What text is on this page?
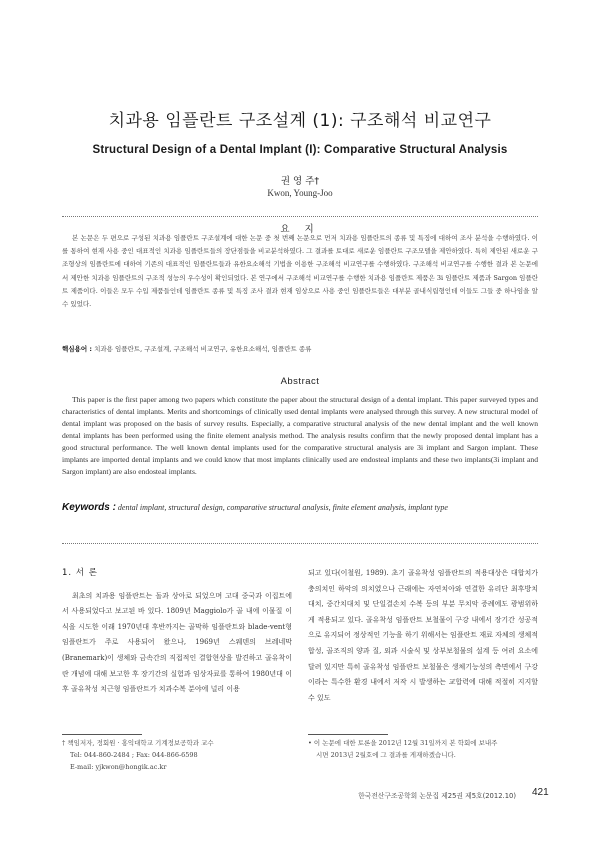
치과용 임플란트 구조설계 (1): 구조해석 비교연구
Structural Design of a Dental Implant (I): Comparative Structural Analysis
권 영 주†
Kwon, Young-Joo
요 지

본 논문은 두 편으로 구성된 치과용 임플란트 구조설계에 대한 논문 중 첫 번째 논문으로 먼저 치과용 임플란트의 종류 및 특징에 대하여 조사 분석을 수행하였다. 이를 통하여 현재 사용 중인 대표적인 치과용 임플란트들의 장단점들을 비교분석하였다. 그 결과를 토대로 새로운 임플란트 구조모델을 제안하였다. 특히 제안된 새로운 구조형상의 임플란트에 대하여 기존의 대표적인 임플란트들과 유한요소해석 기법을 이용한 구조해석 비교연구를 수행하였다. 구조해석 비교연구를 수행한 결과 본 논문에서 제안한 치과용 임플란트의 구조적 성능의 우수성이 확인되었다. 본 연구에서 구조해석 비교연구를 수행한 치과용 임플란트 제품은 3i 임플란트 제품과 Sargon 임플란트 제품이다. 이들은 모두 수입 제품들인데 임플란트 종류 및 특징 조사 결과 현재 임상으로 사용 중인 임플란트들은 대부분 골내식립형인데 이들도 그들 중 하나임을 알 수 있었다.

핵심용어 : 치과용 임플란트, 구조설계, 구조해석 비교연구, 유한요소해석, 임플란트 종류
Abstract

This paper is the first paper among two papers which constitute the paper about the structural design of a dental implant. This paper surveyed types and characteristics of dental implants. Merits and shortcomings of clinically used dental implants were analysed through this survey. A new structural model of dental implant was proposed on the basis of survey results. Especially, a comparative structural analysis of the new dental implant and the well known dental implants has been performed using the finite element analysis method. The analysis results confirm that the newly proposed dental implant has a good structural performance. The well known dental implants used for the comparative structural analysis are 3i implant and Sargon implant. These implants are imported dental implants and we could know that most implants clinically used are endosteal implants and these two implants(3i implant and Sargon implant) are also endosteal implants.

Keywords : dental implant, structural design, comparative structural analysis, finite element analysis, implant type

1. 서 론

최초의 치과용 임플란트는 돌과 상아로 되었으며 고대 중국과 이집트에서 사용되었다고 보고된 바 있다. 1809년 Maggiolo가 골 내에 이물질 이식을 시도한 이래 1970년대 후반까지는 골막하 임플란트와 blade-vent형 임플란트가 주로 사용되어 왔으나, 1969년 스웨덴의 브레네막(Branemark)이 생체와 금속간의 직접적인 결합현상을 발견하고 골유착이란 개념에 대해 보고한 후 장기간의 실험과 임상자료를 통하여 1980년대 이후 골유착성 치근형 임플란트가 치과수복 분야에 널리 이용

되고 있다(이철원, 1989). 초기 골유착성 임플란트의 적용대상은 대합치가 충의치인 하악의 의치였으나 근래에는 자연치아와 연결한 유리단 최후방치대치, 중간치대치 및 단일결손치 수복 등의 부분 무치악 증례에도 광범위하게 적용되고 있다. 골유착성 임플란트 보철물이 구강 내에서 장기간 성공적으로 유지되어 정상적인 기능을 하기 위해서는 임플란트 재료 자체의 생체적합성, 골조직의 양과 질, 외과 시술식 및 상부보철물의 설계 등 여러 요소에 달려 있지만 특히 골유착성 임플란트 보철물은 생체기능성의 측면에서 구강이라는 특수한 환경 내에서 저작 시 발생하는 교합력에 대해 적절히 지지할 수 있도

† 책임저자, 정회원 · 홍익대학교 기계정보공학과 교수
Tel: 044-860-2484 ; Fax: 044-866-6598
E-mail: yjkwon@hongik.ac.kr
• 이 논문에 대한 토론을 2012년 12월 31일까지 본 학회에 보내주
시면 2013년 2월호에 그 결과를 게재하겠습니다.
한국전산구조공학회 논문집 제25권 제5호(2012.10) 421
